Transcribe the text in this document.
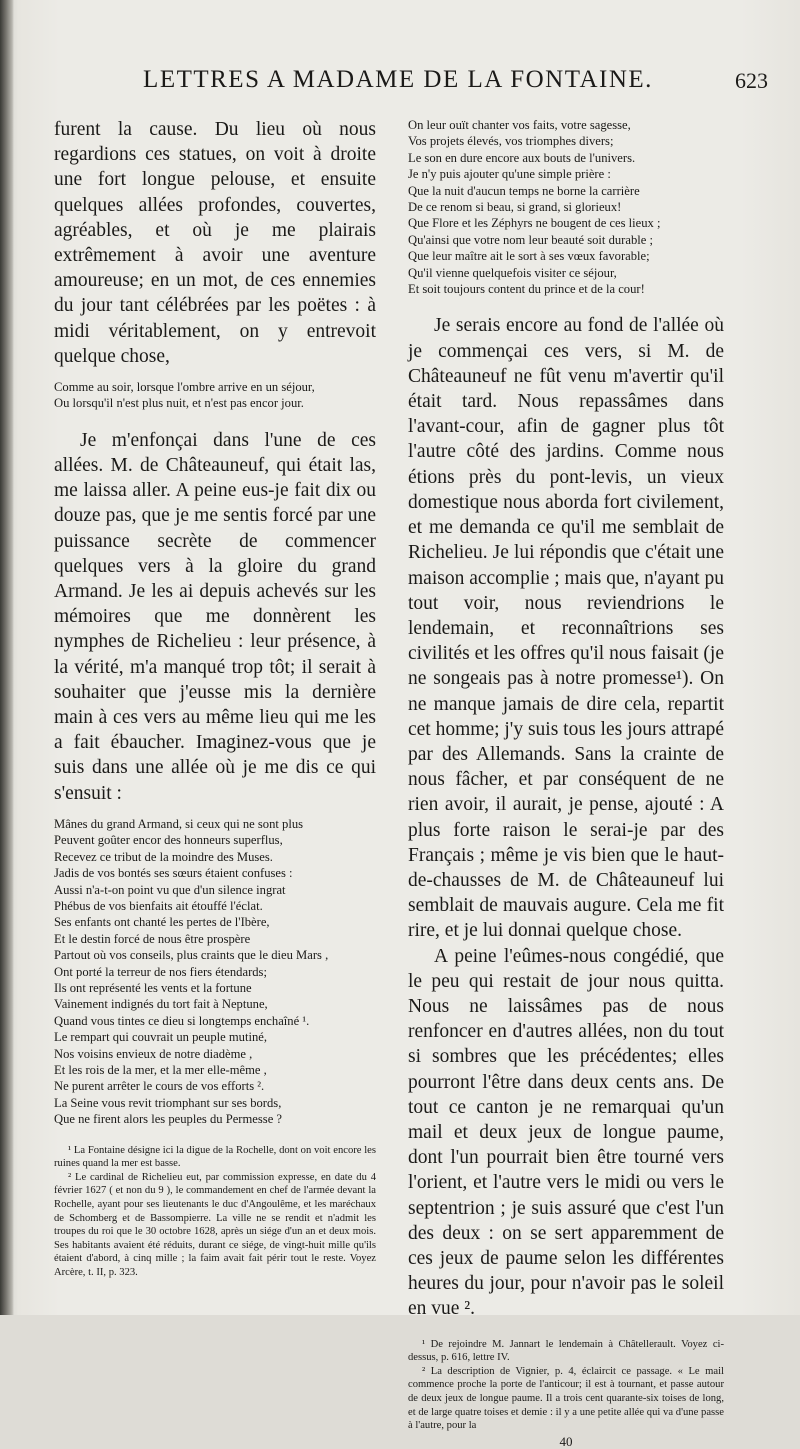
LETTRES A MADAME DE LA FONTAINE.	623

furent la cause. Du lieu où nous regardions ces statues, on voit à droite une fort longue pelouse, et ensuite quelques allées profondes, couvertes, agréables, et où je me plairais extrêmement à avoir une aventure amoureuse; en un mot, de ces ennemies du jour tant célébrées par les poëtes : à midi véritablement, on y entrevoit quelque chose,

Comme au soir, lorsque l'ombre arrive en un séjour,
Ou lorsqu'il n'est plus nuit, et n'est pas encor jour.

Je m'enfonçai dans l'une de ces allées. M. de Châteauneuf, qui était las, me laissa aller. A peine eus-je fait dix ou douze pas, que je me sentis forcé par une puissance secrète de commencer quelques vers à la gloire du grand Armand. Je les ai depuis achevés sur les mémoires que me donnèrent les nymphes de Richelieu : leur présence, à la vérité, m'a manqué trop tôt; il serait à souhaiter que j'eusse mis la dernière main à ces vers au même lieu qui me les a fait ébaucher. Imaginez-vous que je suis dans une allée où je me dis ce qui s'ensuit :

Mânes du grand Armand, si ceux qui ne sont plus
Peuvent goûter encor des honneurs superflus,
Recevez ce tribut de la moindre des Muses.
Jadis de vos bontés ses sœurs étaient confuses :
Aussi n'a-t-on point vu que d'un silence ingrat
Phébus de vos bienfaits ait étouffé l'éclat.
Ses enfants ont chanté les pertes de l'Ibère,
Et le destin forcé de nous être prospère
Partout où vos conseils, plus craints que le dieu Mars ,
Ont porté la terreur de nos fiers étendards;
Ils ont représenté les vents et la fortune
Vainement indignés du tort fait à Neptune,
Quand vous tintes ce dieu si longtemps enchaîné ¹.
Le rempart qui couvrait un peuple mutiné,
Nos voisins envieux de notre diadème ,
Et les rois de la mer, et la mer elle-même ,
Ne purent arrêter le cours de vos efforts ².
La Seine vous revit triomphant sur ses bords,
Que ne firent alors les peuples du Permesse ?

¹ La Fontaine désigne ici la digue de la Rochelle, dont on voit encore les ruines quand la mer est basse.

² Le cardinal de Richelieu eut, par commission expresse, en date du 4 février 1627 ( et non du 9 ), le commandement en chef de l'armée devant la Rochelle, ayant pour ses lieutenants le duc d'Angoulême, et les maréchaux de Schomberg et de Bassompierre. La ville ne se rendit et n'admit les troupes du roi que le 30 octobre 1628, après un siége d'un an et deux mois. Ses habitants avaient été réduits, durant ce siége, de vingt-huit mille qu'ils étaient d'abord, à cinq mille ; la faim avait fait périr tout le reste. Voyez Arcère, t. II, p. 323.

On leur ouït chanter vos faits, votre sagesse,
Vos projets élevés, vos triomphes divers;
Le son en dure encore aux bouts de l'univers.
Je n'y puis ajouter qu'une simple prière :
Que la nuit d'aucun temps ne borne la carrière
De ce renom si beau, si grand, si glorieux!
Que Flore et les Zéphyrs ne bougent de ces lieux ;
Qu'ainsi que votre nom leur beauté soit durable ;
Que leur maître ait le sort à ses vœux favorable;
Qu'il vienne quelquefois visiter ce séjour,
Et soit toujours content du prince et de la cour!

Je serais encore au fond de l'allée où je commençai ces vers, si M. de Châteauneuf ne fût venu m'avertir qu'il était tard. Nous repassâmes dans l'avant-cour, afin de gagner plus tôt l'autre côté des jardins. Comme nous étions près du pont-levis, un vieux domestique nous aborda fort civilement, et me demanda ce qu'il me semblait de Richelieu. Je lui répondis que c'était une maison accomplie ; mais que, n'ayant pu tout voir, nous reviendrions le lendemain, et reconnaîtrions ses civilités et les offres qu'il nous faisait (je ne songeais pas à notre promesse¹). On ne manque jamais de dire cela, repartit cet homme; j'y suis tous les jours attrapé par des Allemands. Sans la crainte de nous fâcher, et par conséquent de ne rien avoir, il aurait, je pense, ajouté : A plus forte raison le serai-je par des Français ; même je vis bien que le haut-de-chausses de M. de Châteauneuf lui semblait de mauvais augure. Cela me fit rire, et je lui donnai quelque chose.

A peine l'eûmes-nous congédié, que le peu qui restait de jour nous quitta. Nous ne laissâmes pas de nous renfoncer en d'autres allées, non du tout si sombres que les précédentes; elles pourront l'être dans deux cents ans. De tout ce canton je ne remarquai qu'un mail et deux jeux de longue paume, dont l'un pourrait bien être tourné vers l'orient, et l'autre vers le midi ou vers le septentrion ; je suis assuré que c'est l'un des deux : on se sert apparemment de ces jeux de paume selon les différentes heures du jour, pour n'avoir pas le soleil en vue ².

¹ De rejoindre M. Jannart le lendemain à Châtellerault. Voyez ci-dessus, p. 616, lettre IV.

² La description de Vignier, p. 4, éclaircit ce passage. « Le mail commence proche la porte de l'anticour; il est à tournant, et passe autour de deux jeux de longue paume. Il a trois cent quarante-six toises de long, et de large quatre toises et demie : il y a une petite allée qui va d'une passe à l'autre, pour la

40
